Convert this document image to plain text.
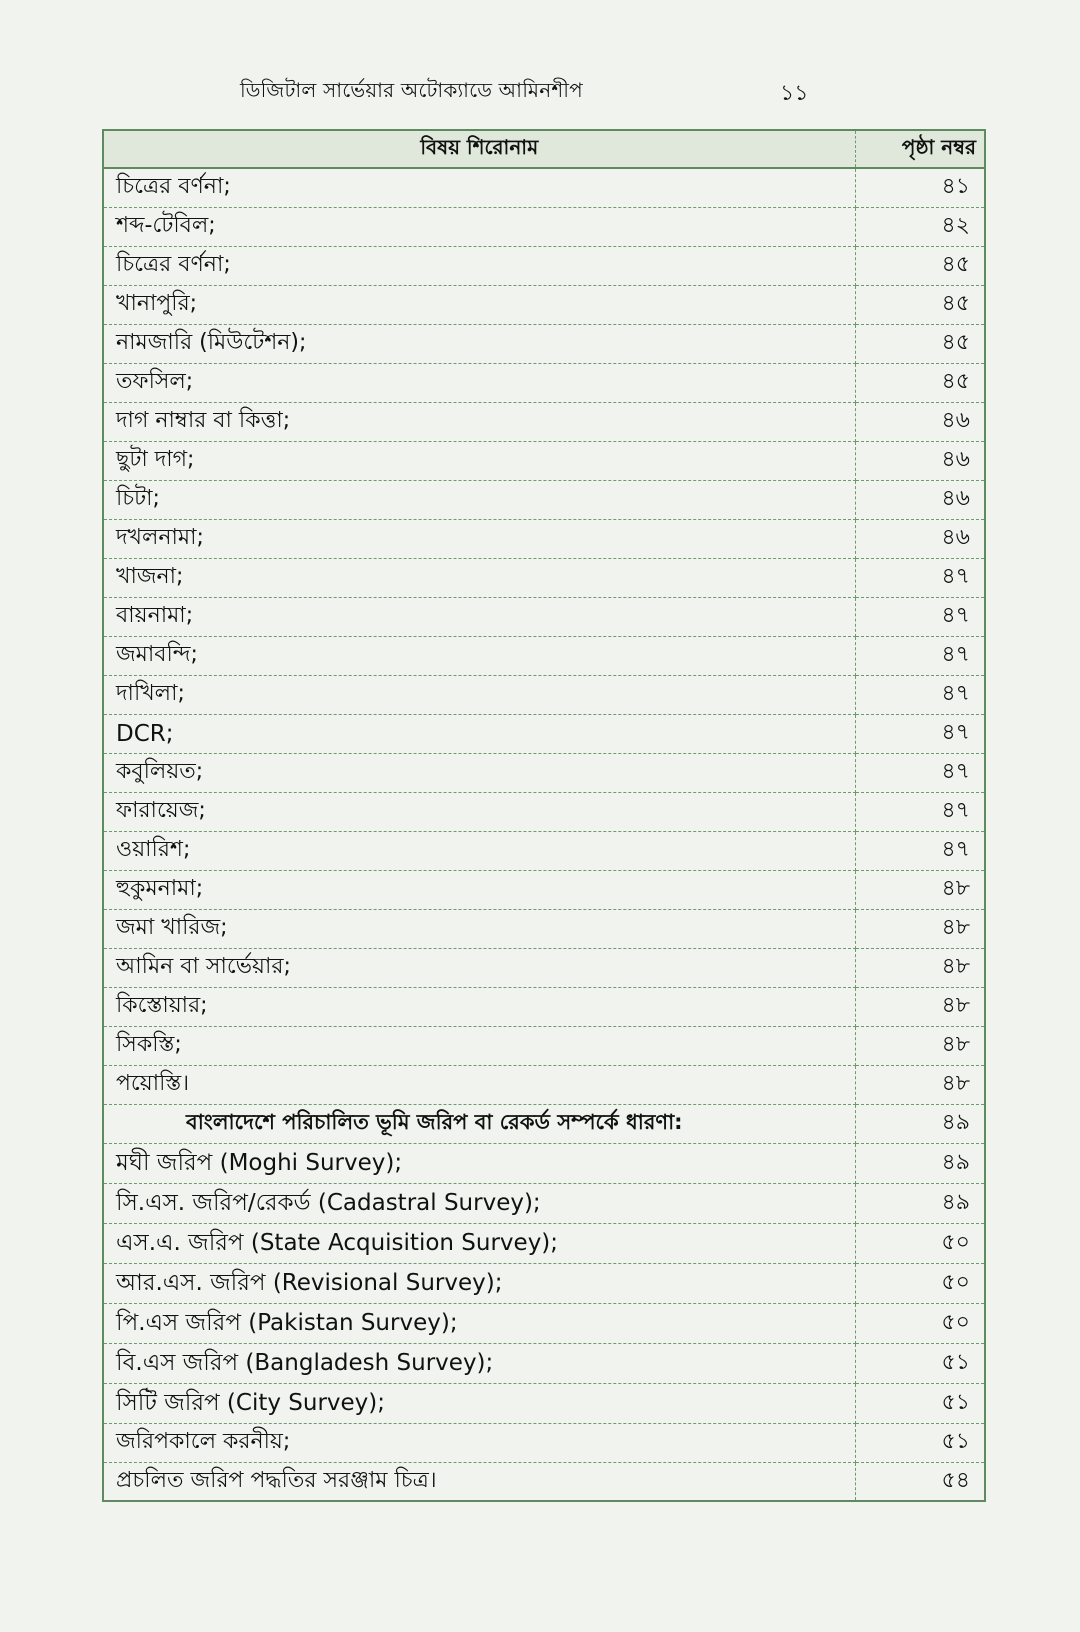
ডিজিটাল সার্ভেয়ার অটোক্যাডে আমিনশীপ	১১
বিষয় শিরোনাম	পৃষ্ঠা নম্বর
চিত্রের বর্ণনা;	৪১
শব্দ-টেবিল;	৪২
চিত্রের বর্ণনা;	৪৫
খানাপুরি;	৪৫
নামজারি (মিউটেশন);	৪৫
তফসিল;	৪৫
দাগ নাম্বার বা কিত্তা;	৪৬
ছুটা দাগ;	৪৬
চিটা;	৪৬
দখলনামা;	৪৬
খাজনা;	৪৭
বায়নামা;	৪৭
জমাবন্দি;	৪৭
দাখিলা;	৪৭
DCR;	৪৭
কবুলিয়ত;	৪৭
ফারায়েজ;	৪৭
ওয়ারিশ;	৪৭
হুকুমনামা;	৪৮
জমা খারিজ;	৪৮
আমিন বা সার্ভেয়ার;	৪৮
কিস্তোয়ার;	৪৮
সিকস্তি;	৪৮
পয়োস্তি।	৪৮
বাংলাদেশে পরিচালিত ভূমি জরিপ বা রেকর্ড সম্পর্কে ধারণা:	৪৯
মঘী জরিপ (Moghi Survey);	৪৯
সি.এস. জরিপ/রেকর্ড (Cadastral Survey);	৪৯
এস.এ. জরিপ (State Acquisition Survey);	৫০
আর.এস. জরিপ (Revisional Survey);	৫০
পি.এস জরিপ (Pakistan Survey);	৫০
বি.এস জরিপ (Bangladesh Survey);	৫১
সিটি জরিপ (City Survey);	৫১
জরিপকালে করনীয়;	৫১
প্রচলিত জরিপ পদ্ধতির সরঞ্জাম চিত্র।	৫৪
